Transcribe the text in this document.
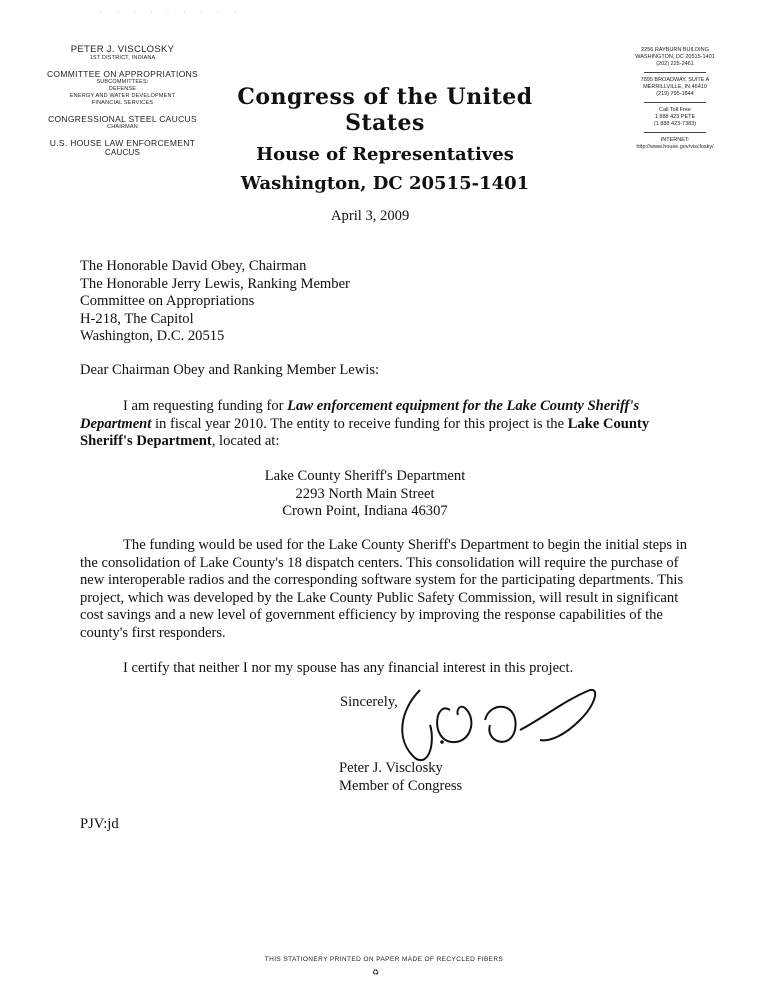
· · · · · · · · ·
PETER J. VISCLOSKY
1ST DISTRICT, INDIANA
COMMITTEE ON APPROPRIATIONS
SUBCOMMITTEES:
DEFENSE
ENERGY AND WATER DEVELOPMENT
FINANCIAL SERVICES
CONGRESSIONAL STEEL CAUCUS
CHAIRMAN
U.S. HOUSE LAW ENFORCEMENT
CAUCUS
Congress of the United States
House of Representatives
Washington, DC 20515-1401
2256 RAYBURN BUILDING
WASHINGTON, DC 20515-1401
(202) 225-2461
7895 BROADWAY, SUITE A
MERRILLVILLE, IN 46410
(219) 795-1844
Call Toll Free
1 888 423 PETE
(1 888 423-7383)
INTERNET:
http://www.house.gov/visclosky/
April 3, 2009
The Honorable David Obey, Chairman
The Honorable Jerry Lewis, Ranking Member
Committee on Appropriations
H-218, The Capitol
Washington, D.C. 20515
Dear Chairman Obey and Ranking Member Lewis:
I am requesting funding for Law enforcement equipment for the Lake County Sheriff's Department in fiscal year 2010. The entity to receive funding for this project is the Lake County Sheriff's Department, located at:
Lake County Sheriff's Department
2293 North Main Street
Crown Point, Indiana 46307
The funding would be used for the Lake County Sheriff's Department to begin the initial steps in the consolidation of Lake County's 18 dispatch centers. This consolidation will require the purchase of new interoperable radios and the corresponding software system for the participating departments. This project, which was developed by the Lake County Public Safety Commission, will result in significant cost savings and a new level of government efficiency by improving the response capabilities of the county's first responders.
I certify that neither I nor my spouse has any financial interest in this project.
Sincerely,
Peter J. Visclosky
Member of Congress
PJV:jd
THIS STATIONERY PRINTED ON PAPER MADE OF RECYCLED FIBERS
♻
